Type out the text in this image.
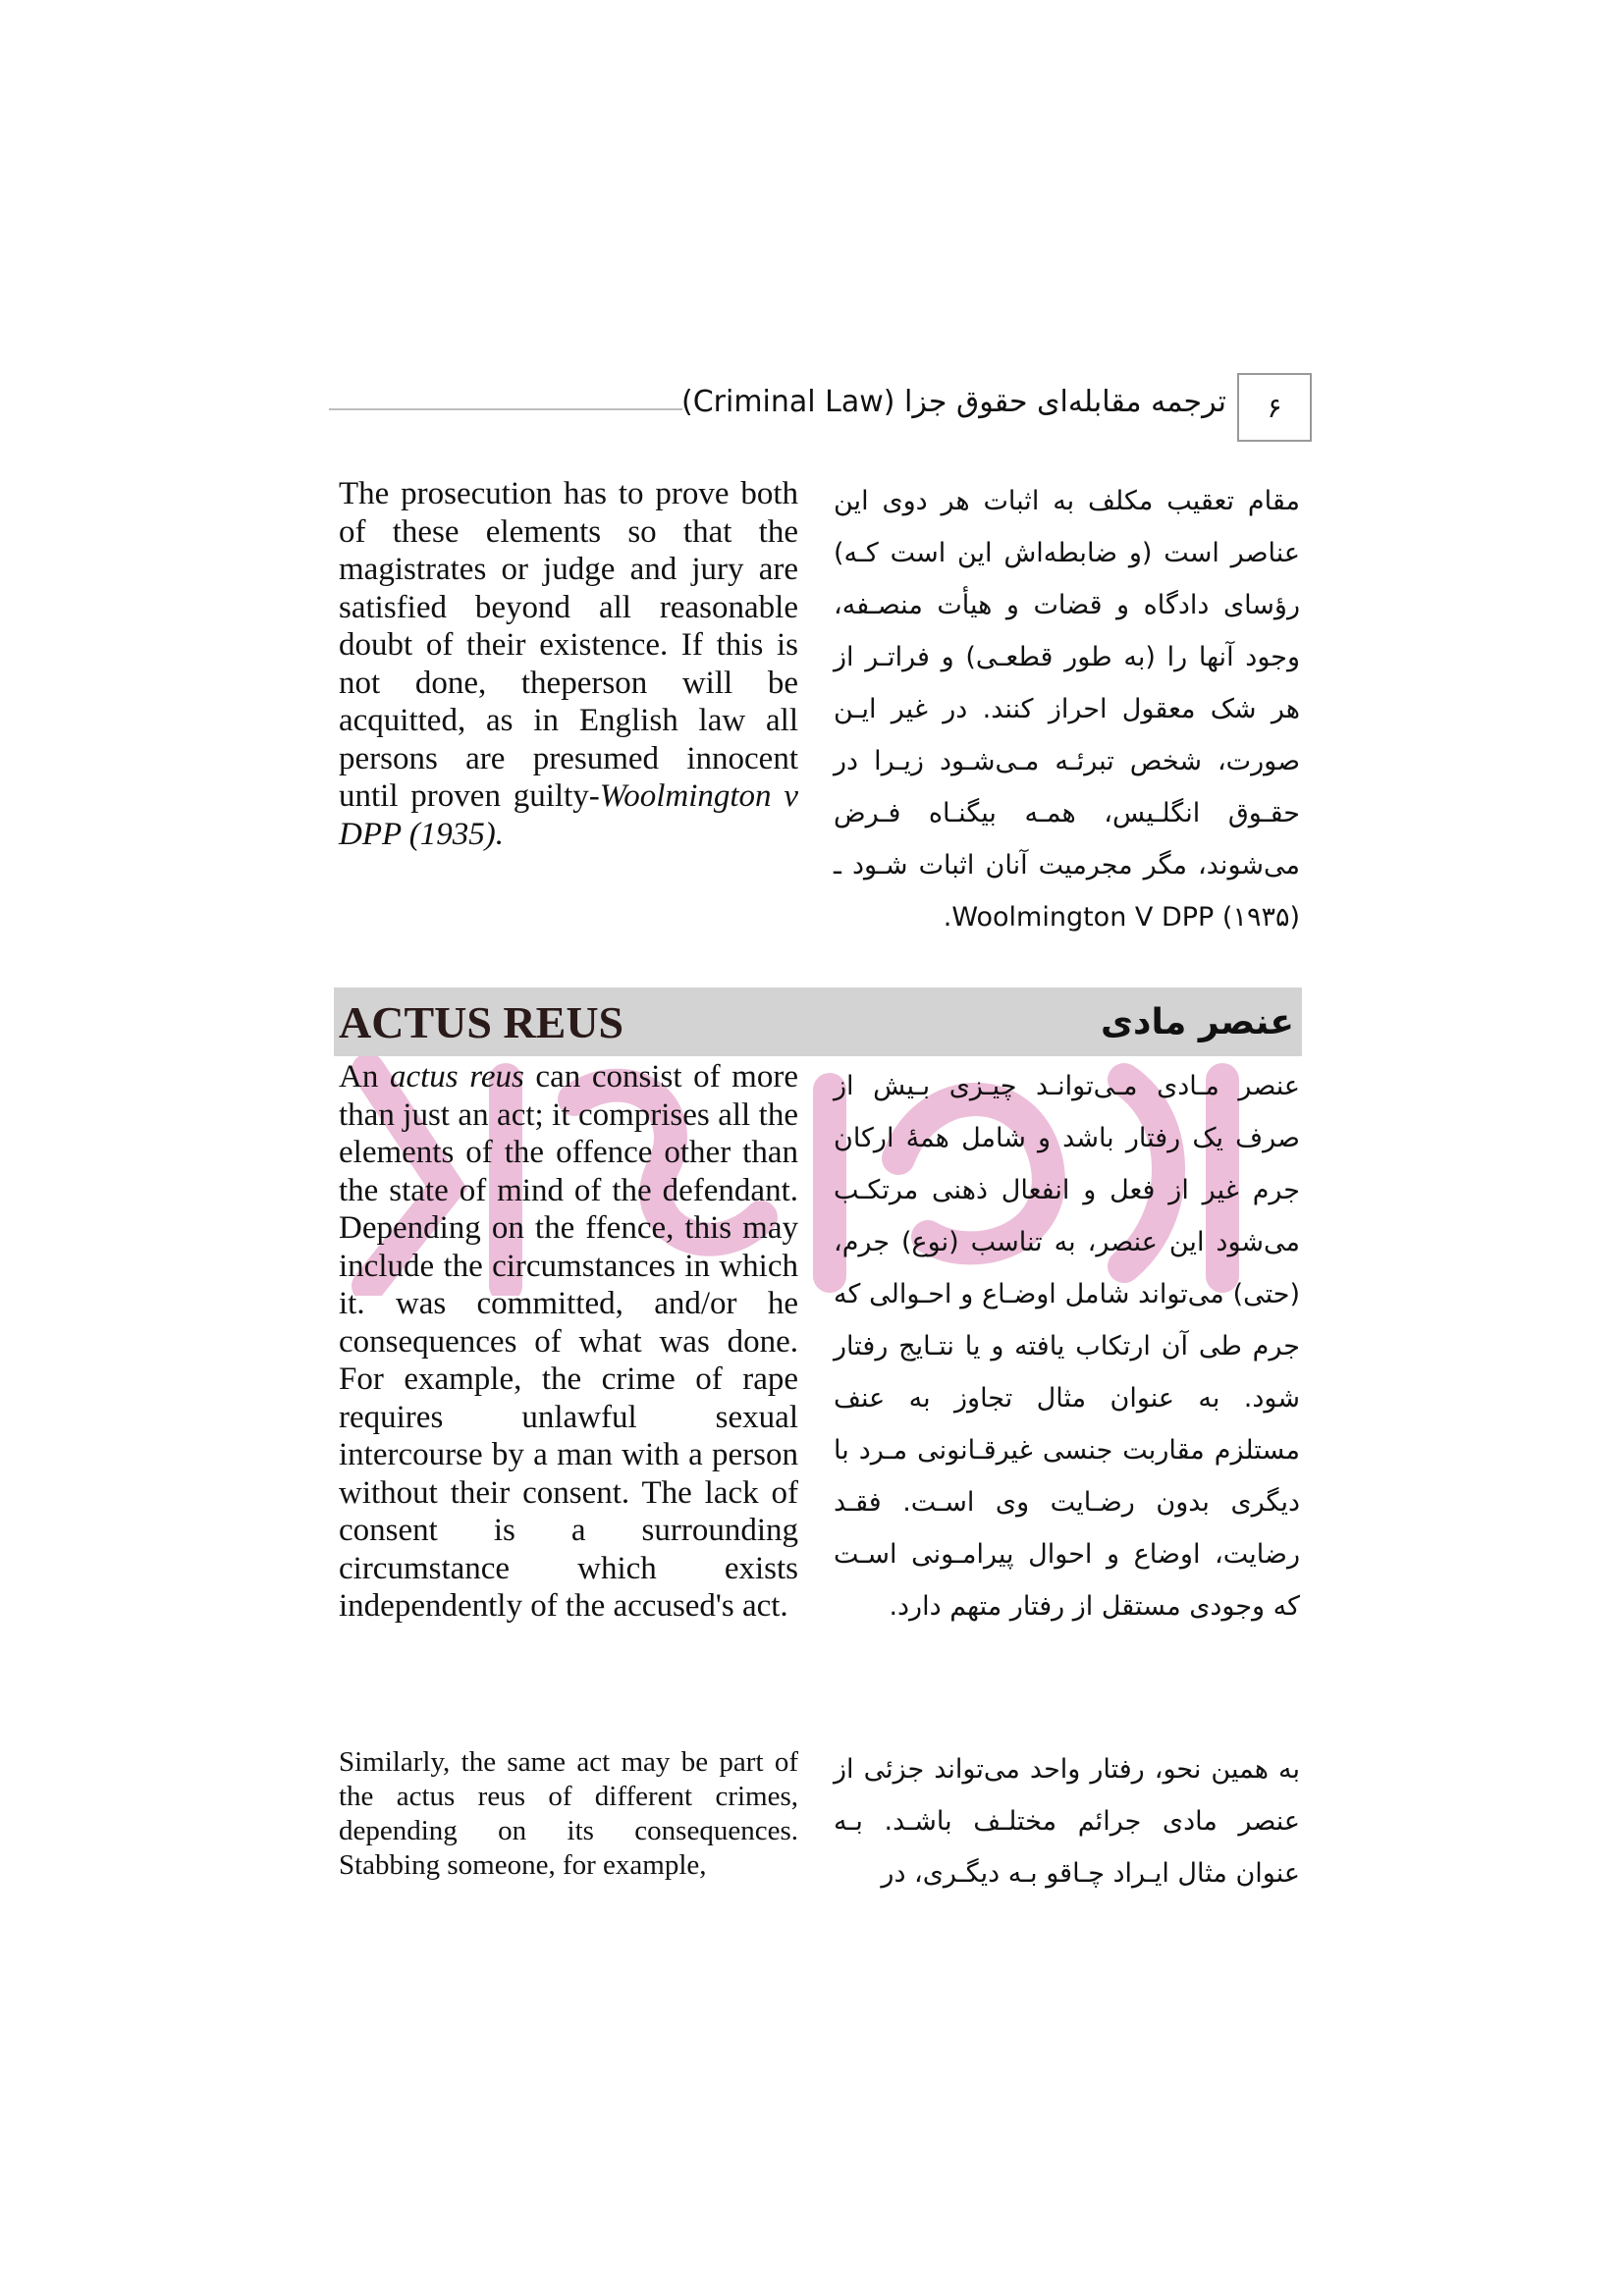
ترجمه مقابله‌ای حقوق جزا (Criminal Law)	۶

The prosecution has to prove both of these elements so that the magistrates or judge and jury are satisfied beyond all reasonable doubt of their existence. If this is not done, theperson will be acquitted, as in English law all persons are presumed innocent until proven guilty-Woolmington v DPP (1935).

مقام تعقیب مکلف به اثبات هر دوی این عناصر است (و ضابطه‌اش این است کـه) رؤسای دادگاه و قضات و هیأت منصـفه، وجود آنها را (به طور قطعـی) و فراتـر از هر شک معقول احراز کنند. در غیر ایـن صورت، شخص تبرئـه مـی‌شـود زیـرا در حقـوق انگلـیس، همـه بیگنـاه فـرض می‌شوند، مگر مجرمیت آنان اثبات شـود ـ (۱۹۳۵) Woolmington V DPP.

ACTUS REUS	عنصر مادی

An actus reus can consist of more than just an act; it comprises all the elements of the offence other than the state of mind of the defendant. Depending on the ffence, this may include the circumstances in which it. was committed, and/or he consequences of what was done. For example, the crime of rape requires unlawful sexual intercourse by a man with a person without their consent. The lack of consent is a surrounding circumstance which exists independently of the accused's act.

عنصر مـادی مـی‌توانـد چیـزی بـیش از صرف یک رفتار باشد و شامل همهٔ ارکان جرم غیر از فعل و انفعال ذهنی مرتکـب می‌شود این عنصر، به تناسب (نوع) جرم، (حتی) می‌تواند شامل اوضـاع و احـوالی که جرم طی آن ارتکاب یافته و یا نتـایج رفتار شود. به عنوان مثال تجاوز به عنف مستلزم مقاربت جنسی غیرقـانونی مـرد با دیگری بدون رضـایت وی اسـت. فقـد رضایت، اوضاع و احوال پیرامـونی اسـت که وجودی مستقل از رفتار متهم دارد.

Similarly, the same act may be part of the actus reus of different crimes, depending on its consequences. Stabbing someone, for example,

به همین نحو، رفتار واحد می‌تواند جزئی از عنصر مادی جرائم مختلـف باشـد. بـه عنوان مثال ایـراد چـاقو بـه دیگـری، در
